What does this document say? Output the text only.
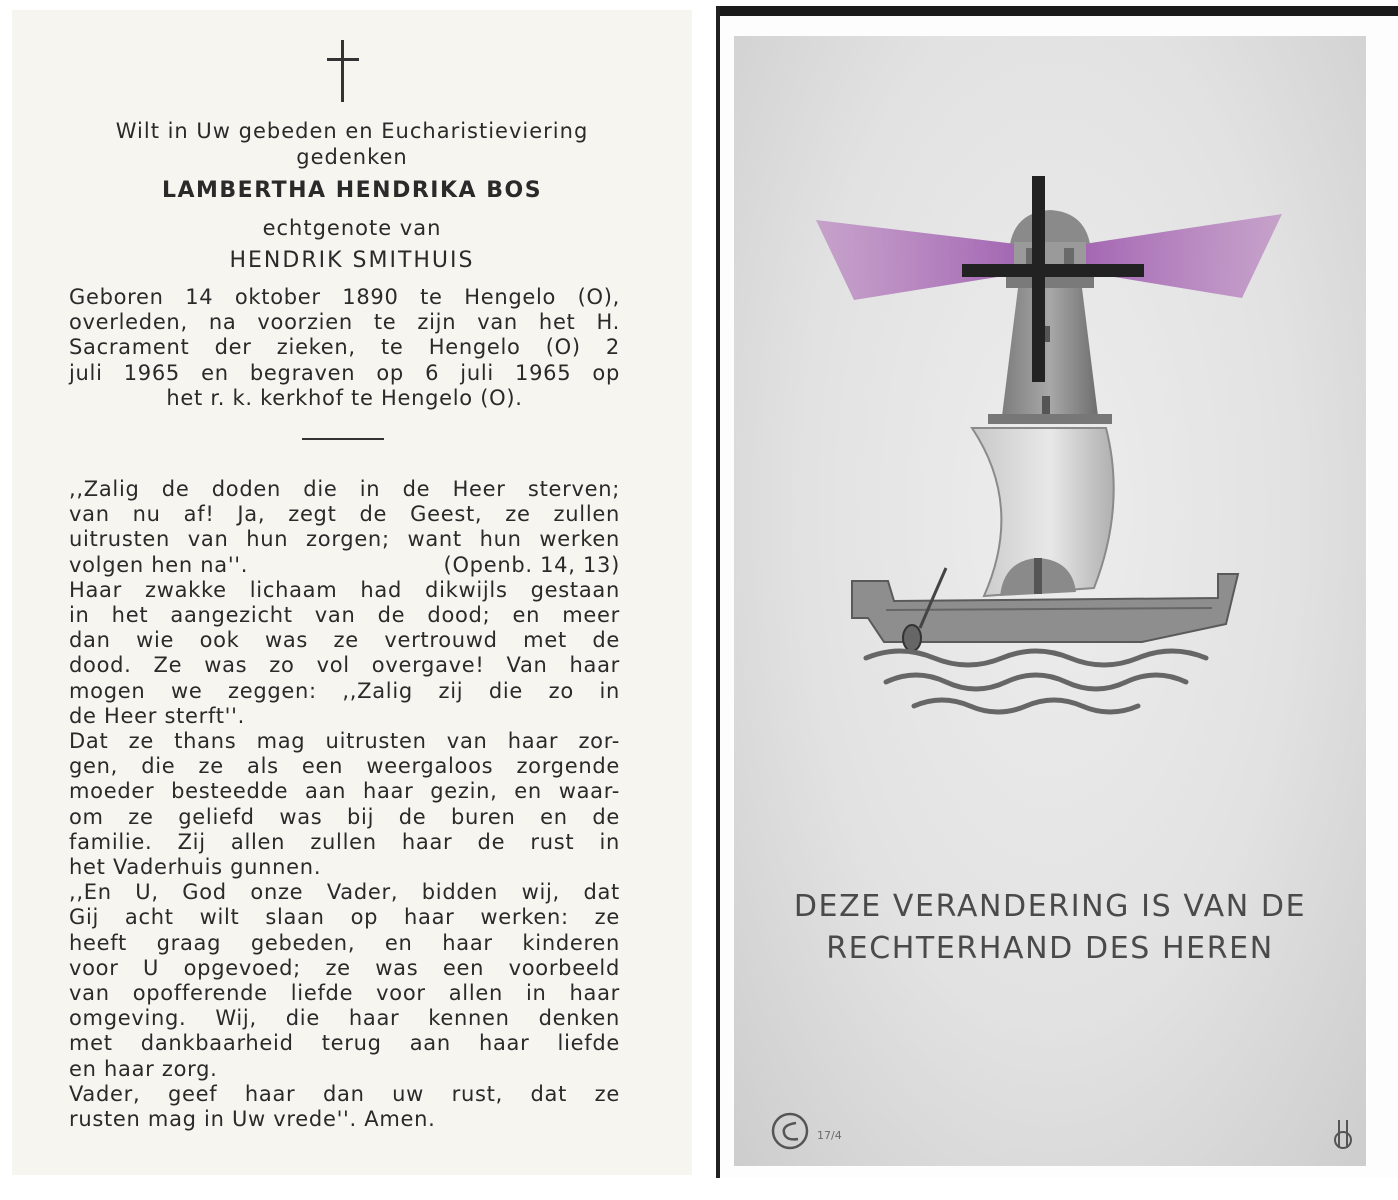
Wilt in Uw gebeden en Eucharistieviering
gedenken

LAMBERTHA HENDRIKA BOS

echtgenote van

HENDRIK SMITHUIS

Geboren 14 oktober 1890 te Hengelo (O),
overleden, na voorzien te zijn van het H.
Sacrament der zieken, te Hengelo (O) 2
juli 1965 en begraven op 6 juli 1965 op
het r. k. kerkhof te Hengelo (O).
,,Zalig de doden die in de Heer sterven;
van nu af! Ja, zegt de Geest, ze zullen
uitrusten van hun zorgen; want hun werken
volgen hen na''.	(Openb. 14, 13)
Haar zwakke lichaam had dikwijls gestaan
in het aangezicht van de dood; en meer
dan wie ook was ze vertrouwd met de
dood. Ze was zo vol overgave! Van haar
mogen we zeggen: ,,Zalig zij die zo in
de Heer sterft''.
Dat ze thans mag uitrusten van haar zor-
gen, die ze als een weergaloos zorgende
moeder besteedde aan haar gezin, en waar-
om ze geliefd was bij de buren en de
familie. Zij allen zullen haar de rust in
het Vaderhuis gunnen.
,,En U, God onze Vader, bidden wij, dat
Gij acht wilt slaan op haar werken: ze
heeft graag gebeden, en haar kinderen
voor U opgevoed; ze was een voorbeeld
van opofferende liefde voor allen in haar
omgeving. Wij, die haar kennen denken
met dankbaarheid terug aan haar liefde
en haar zorg.
Vader, geef haar dan uw rust, dat ze
rusten mag in Uw vrede''. Amen.

DEZE VERANDERING IS VAN DE

RECHTERHAND DES HEREN

17/4
